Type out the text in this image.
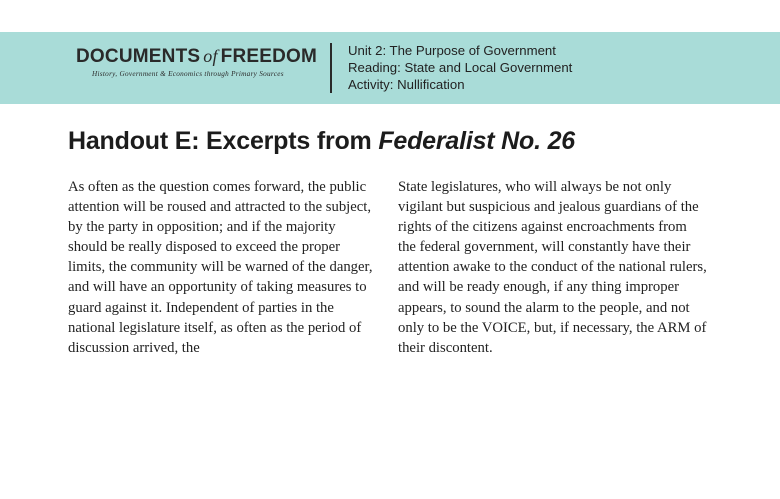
DOCUMENTS of FREEDOM
History, Government & Economics through Primary Sources
Unit 2: The Purpose of Government
Reading: State and Local Government
Activity: Nullification
Handout E: Excerpts from Federalist No. 26

As often as the question comes forward, the public attention will be roused and attracted to the subject, by the party in opposition; and if the majority should be really disposed to exceed the proper limits, the community will be warned of the danger, and will have an opportunity of taking measures to guard against it. Independent of parties in the national legislature itself, as often as the period of discussion arrived, the

State legislatures, who will always be not only vigilant but suspicious and jealous guardians of the rights of the citizens against encroachments from the federal government, will constantly have their attention awake to the conduct of the national rulers, and will be ready enough, if any thing improper appears, to sound the alarm to the people, and not only to be the VOICE, but, if necessary, the ARM of their discontent.
